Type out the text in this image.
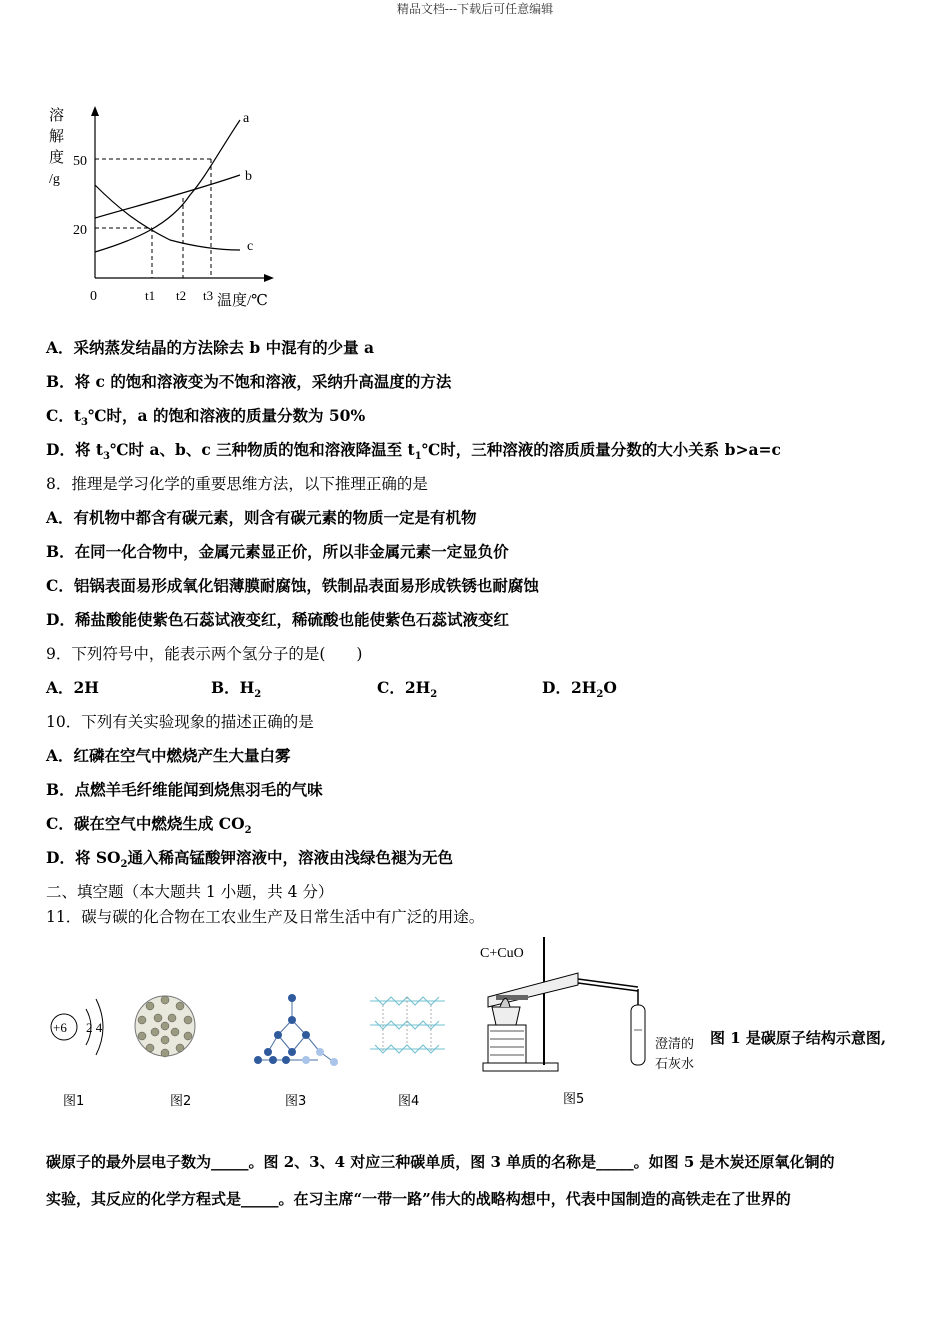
精品文档---下载后可任意编辑
溶
解
度
/g
50
20
0	t1 t2 t3 温度/℃
a
b
c
A．采纳蒸发结晶的方法除去 b 中混有的少量 a
B．将 c 的饱和溶液变为不饱和溶液，采纳升高温度的方法
C．$t_3℃$时，a 的饱和溶液的质量分数为 50%
D．将 $t_3℃$时 a、b、c 三种物质的饱和溶液降温至 $t_1℃$时，三种溶液的溶质质量分数的大小关系 b>a=c
8．推理是学习化学的重要思维方法，以下推理正确的是
A．有机物中都含有碳元素，则含有碳元素的物质一定是有机物
B．在同一化合物中，金属元素显正价，所以非金属元素一定显负价
C．铝锅表面易形成氧化铝薄膜耐腐蚀，铁制品表面易形成铁锈也耐腐蚀
D．稀盐酸能使紫色石蕊试液变红，稀硫酸也能使紫色石蕊试液变红
9．下列符号中，能表示两个氢分子的是(　　)
A．2H	B．$H_2$	C．$2H_2$	D．$2H_2O$
10．下列有关实验现象的描述正确的是
A．红磷在空气中燃烧产生大量白雾
B．点燃羊毛纤维能闻到烧焦羽毛的气味
C．碳在空气中燃烧生成 $CO_2$
D．将 $SO_2$通入稀高锰酸钾溶液中，溶液由浅绿色褪为无色
二、填空题（本大题共 1 小题，共 4 分）
11．碳与碳的化合物在工农业生产及日常生活中有广泛的用途。
+6 2 4
C+CuO
澄清的
石灰水
图 1 是碳原子结构示意图,
图1	图2	图3	图4	图5
碳原子的最外层电子数为_____。图 2、3、4 对应三种碳单质，图 3 单质的名称是_____。如图 5 是木炭还原氧化铜的
实验，其反应的化学方程式是_____。在习主席“一带一路”伟大的战略构想中，代表中国制造的高铁走在了世界的
